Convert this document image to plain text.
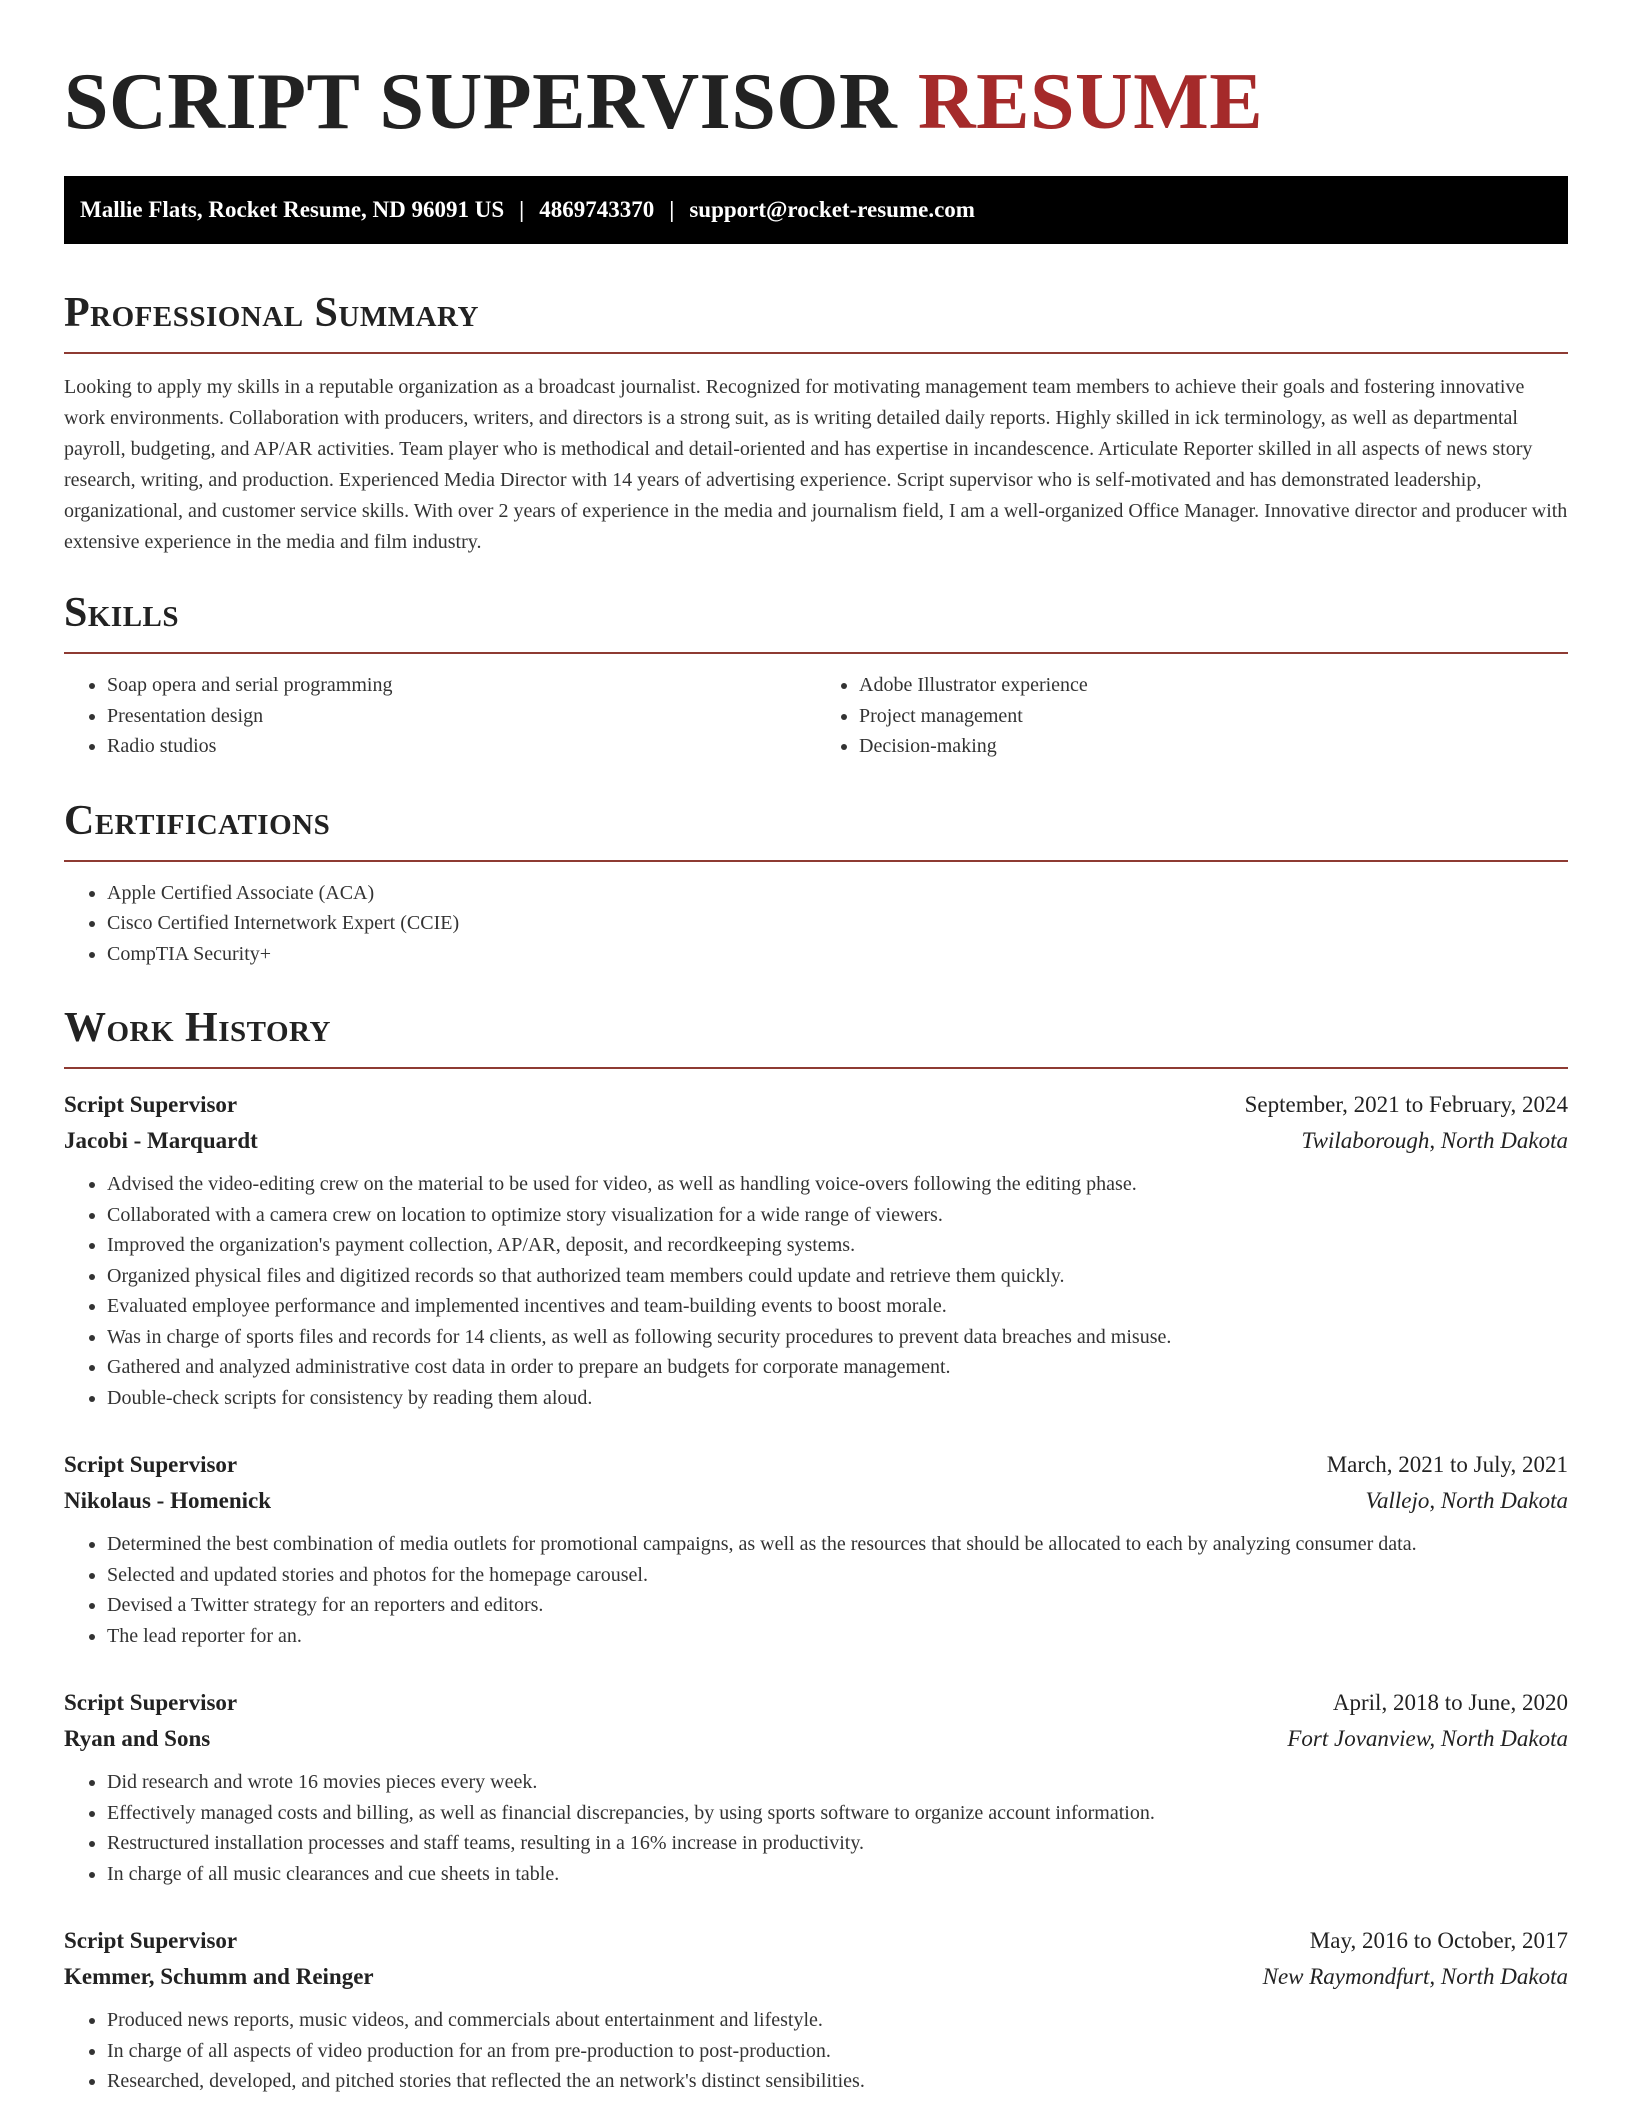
SCRIPT SUPERVISOR RESUME
Mallie Flats, Rocket Resume, ND 96091 US | 4869743370 | support@rocket-resume.com
Professional Summary

Looking to apply my skills in a reputable organization as a broadcast journalist. Recognized for motivating management team members to achieve their goals and fostering innovative work environments. Collaboration with producers, writers, and directors is a strong suit, as is writing detailed daily reports. Highly skilled in ick terminology, as well as departmental payroll, budgeting, and AP/AR activities. Team player who is methodical and detail-oriented and has expertise in incandescence. Articulate Reporter skilled in all aspects of news story research, writing, and production. Experienced Media Director with 14 years of advertising experience. Script supervisor who is self-motivated and has demonstrated leadership, organizational, and customer service skills. With over 2 years of experience in the media and journalism field, I am a well-organized Office Manager. Innovative director and producer with extensive experience in the media and film industry.

Skills
• Soap opera and serial programming
• Presentation design
• Radio studios
• Adobe Illustrator experience
• Project management
• Decision-making
Certifications
• Apple Certified Associate (ACA)
• Cisco Certified Internetwork Expert (CCIE)
• CompTIA Security+
Work History
Script Supervisor	September, 2021 to February, 2024
Jacobi - Marquardt	Twilaborough, North Dakota
• Advised the video-editing crew on the material to be used for video, as well as handling voice-overs following the editing phase.
• Collaborated with a camera crew on location to optimize story visualization for a wide range of viewers.
• Improved the organization's payment collection, AP/AR, deposit, and recordkeeping systems.
• Organized physical files and digitized records so that authorized team members could update and retrieve them quickly.
• Evaluated employee performance and implemented incentives and team-building events to boost morale.
• Was in charge of sports files and records for 14 clients, as well as following security procedures to prevent data breaches and misuse.
• Gathered and analyzed administrative cost data in order to prepare an budgets for corporate management.
• Double-check scripts for consistency by reading them aloud.
Script Supervisor	March, 2021 to July, 2021
Nikolaus - Homenick	Vallejo, North Dakota
• Determined the best combination of media outlets for promotional campaigns, as well as the resources that should be allocated to each by analyzing consumer data.
• Selected and updated stories and photos for the homepage carousel.
• Devised a Twitter strategy for an reporters and editors.
• The lead reporter for an.
Script Supervisor	April, 2018 to June, 2020
Ryan and Sons	Fort Jovanview, North Dakota
• Did research and wrote 16 movies pieces every week.
• Effectively managed costs and billing, as well as financial discrepancies, by using sports software to organize account information.
• Restructured installation processes and staff teams, resulting in a 16% increase in productivity.
• In charge of all music clearances and cue sheets in table.
Script Supervisor	May, 2016 to October, 2017
Kemmer, Schumm and Reinger	New Raymondfurt, North Dakota
• Produced news reports, music videos, and commercials about entertainment and lifestyle.
• In charge of all aspects of video production for an from pre-production to post-production.
• Researched, developed, and pitched stories that reflected the an network's distinct sensibilities.
